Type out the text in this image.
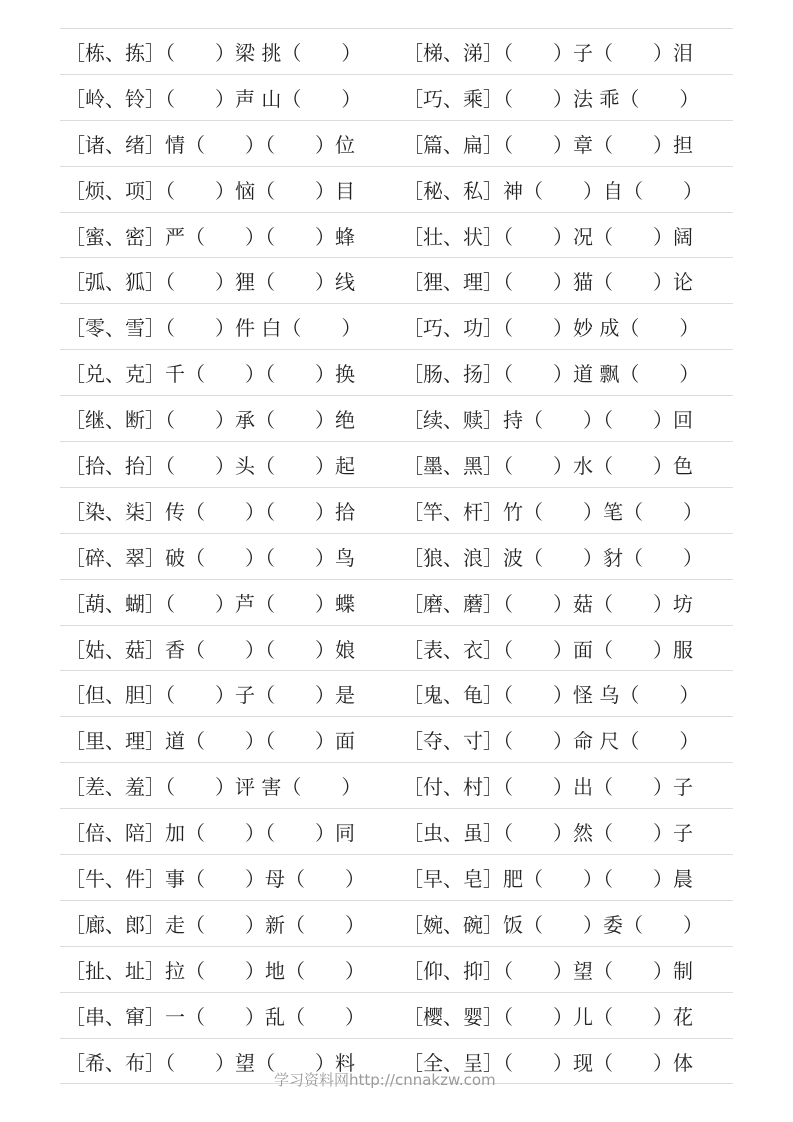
［栋、拣］（　　）梁 挑（　　） ［梯、涕］（　　）子（　　）泪
［岭、铃］（　　）声 山（　　） ［巧、乘］（　　）法 乖（　　）
［诸、绪］情（　　）（　　）位 ［篇、扁］（　　）章（　　）担
［烦、项］（　　）恼（　　）目 ［秘、私］神（　　）自（　　）
［蜜、密］严（　　）（　　）蜂 ［壮、状］（　　）况（　　）阔
［弧、狐］（　　）狸（　　）线 ［狸、理］（　　）猫（　　）论
［零、雪］（　　）件 白（　　） ［巧、功］（　　）妙 成（　　）
［兑、克］千（　　）（　　）换 ［肠、扬］（　　）道 飘（　　）
［继、断］（　　）承（　　）绝 ［续、赎］持（　　）（　　）回
［拾、抬］（　　）头（　　）起 ［墨、黑］（　　）水（　　）色
［染、柒］传（　　）（　　）拾 ［竿、杆］竹（　　）笔（　　）
［碎、翠］破（　　）（　　）鸟 ［狼、浪］波（　　）豺（　　）
［葫、蝴］（　　）芦（　　）蝶 ［磨、蘑］（　　）菇（　　）坊
［姑、菇］香（　　）（　　）娘 ［表、衣］（　　）面（　　）服
［但、胆］（　　）子（　　）是 ［鬼、龟］（　　）怪 乌（　　）
［里、理］道（　　）（　　）面 ［夺、寸］（　　）命 尺（　　）
［差、羞］（　　）评 害（　　） ［付、村］（　　）出（　　）子
［倍、陪］加（　　）（　　）同 ［虫、虽］（　　）然（　　）子
［牛、件］事（　　）母（　　） ［早、皂］肥（　　）（　　）晨
［廊、郎］走（　　）新（　　） ［婉、碗］饭（　　）委（　　）
［扯、址］拉（　　）地（　　） ［仰、抑］（　　）望（　　）制
［串、窜］一（　　）乱（　　） ［樱、婴］（　　）儿（　　）花
［希、布］（　　）望（　　）料 ［全、呈］（　　）现（　　）体
学习资料网http://cnnakzw.com
